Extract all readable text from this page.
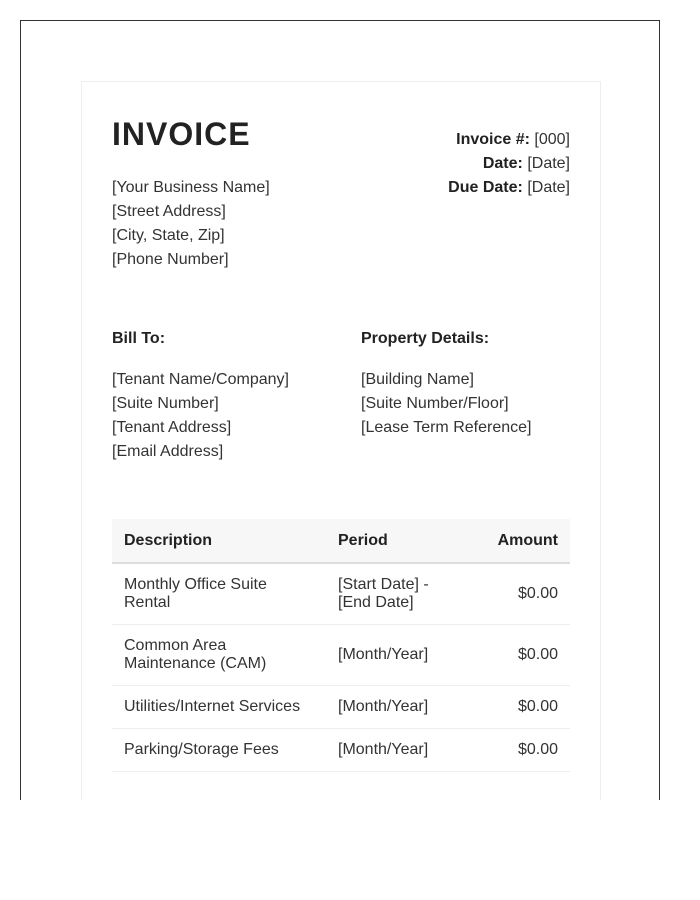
INVOICE	Invoice #: [000]
Date: [Date]
Due Date: [Date]
[Your Business Name]
[Street Address]
[City, State, Zip]
[Phone Number]
Bill To:
[Tenant Name/Company]
[Suite Number]
[Tenant Address]
[Email Address]
Property Details:
[Building Name]
[Suite Number/Floor]
[Lease Term Reference]
Description	Period	Amount
Monthly Office Suite Rental	[Start Date] - [End Date]	$0.00
Common Area Maintenance (CAM)	[Month/Year]	$0.00
Utilities/Internet Services	[Month/Year]	$0.00
Parking/Storage Fees	[Month/Year]	$0.00
